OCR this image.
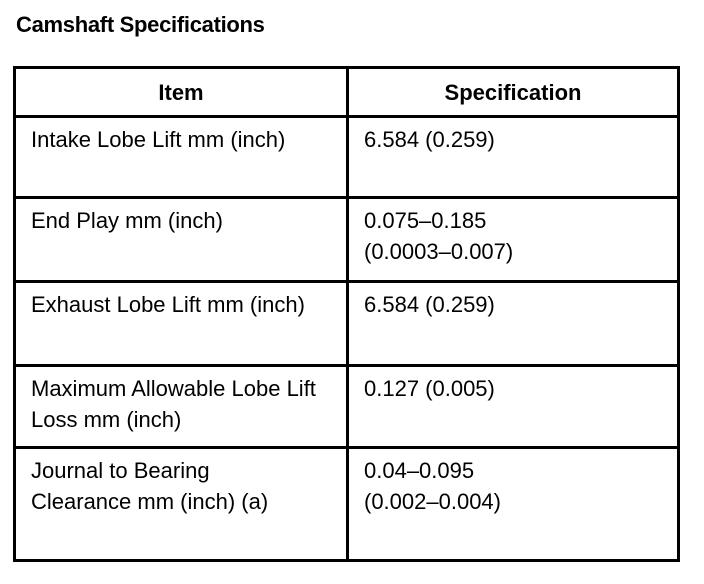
Camshaft Specifications
Item	Specification

Intake Lobe Lift mm (inch)	6.584 (0.259)

End Play mm (inch)	0.075–0.185 (0.0003–0.007)

Exhaust Lobe Lift mm (inch)	6.584 (0.259)

Maximum Allowable Lobe Lift Loss mm (inch)	0.127 (0.005)

Journal to Bearing Clearance mm (inch) (a)	0.04–0.095 (0.002–0.004)
